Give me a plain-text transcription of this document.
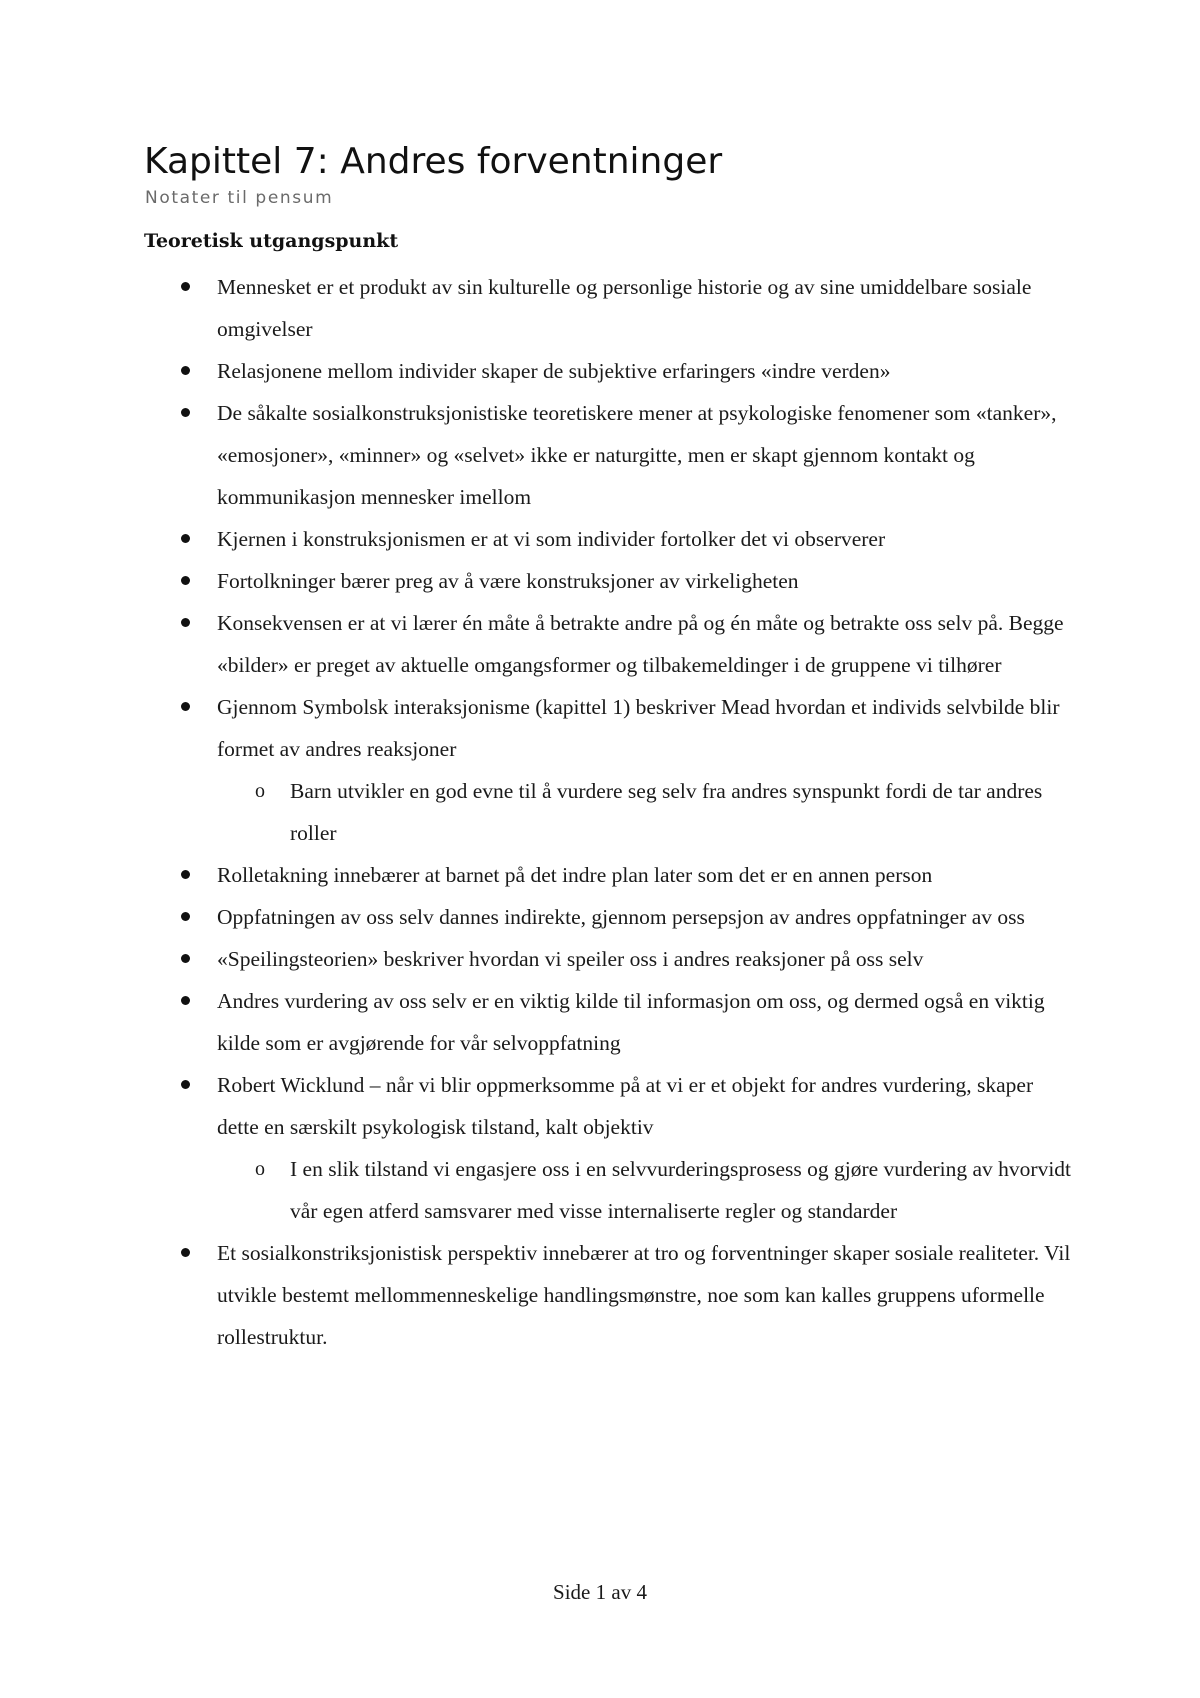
Kapittel 7: Andres forventninger

Notater til pensum

Teoretisk utgangspunkt
Mennesket er et produkt av sin kulturelle og personlige historie og av sine umiddelbare sosiale omgivelser
Relasjonene mellom individer skaper de subjektive erfaringers «indre verden»
De såkalte sosialkonstruksjonistiske teoretiskere mener at psykologiske fenomener som «tanker», «emosjoner», «minner» og «selvet» ikke er naturgitte, men er skapt gjennom kontakt og kommunikasjon mennesker imellom
Kjernen i konstruksjonismen er at vi som individer fortolker det vi observerer
Fortolkninger bærer preg av å være konstruksjoner av virkeligheten
Konsekvensen er at vi lærer én måte å betrakte andre på og én måte og betrakte oss selv på. Begge «bilder» er preget av aktuelle omgangsformer og tilbakemeldinger i de gruppene vi tilhører
Gjennom Symbolsk interaksjonisme (kapittel 1) beskriver Mead hvordan et individs selvbilde blir formet av andres reaksjoner
o Barn utvikler en god evne til å vurdere seg selv fra andres synspunkt fordi de tar andres roller
Rolletakning innebærer at barnet på det indre plan later som det er en annen person
Oppfatningen av oss selv dannes indirekte, gjennom persepsjon av andres oppfatninger av oss
«Speilingsteorien» beskriver hvordan vi speiler oss i andres reaksjoner på oss selv
Andres vurdering av oss selv er en viktig kilde til informasjon om oss, og dermed også en viktig kilde som er avgjørende for vår selvoppfatning
Robert Wicklund – når vi blir oppmerksomme på at vi er et objekt for andres vurdering, skaper dette en særskilt psykologisk tilstand, kalt objektiv
o I en slik tilstand vi engasjere oss i en selvvurderingsprosess og gjøre vurdering av hvorvidt vår egen atferd samsvarer med visse internaliserte regler og standarder
Et sosialkonstriksjonistisk perspektiv innebærer at tro og forventninger skaper sosiale realiteter. Vil utvikle bestemt mellommenneskelige handlingsmønstre, noe som kan kalles gruppens uformelle rollestruktur.

Side 1 av 4
